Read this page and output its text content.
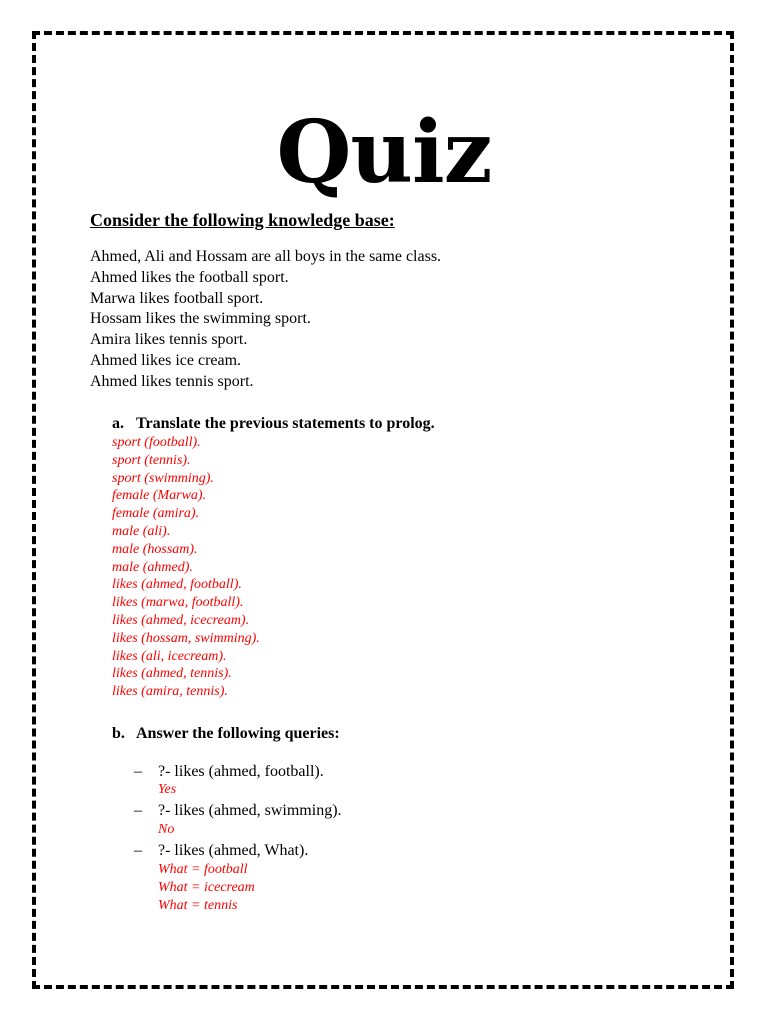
Quiz
Consider the following knowledge base:
Ahmed, Ali and Hossam are all boys in the same class.
Ahmed likes the football sport.
Marwa likes football sport.
Hossam likes the swimming sport.
Amira likes tennis sport.
Ahmed likes ice cream.
Ahmed likes tennis sport.
a. Translate the previous statements to prolog.
sport (football).
sport (tennis).
sport (swimming).
female (Marwa).
female (amira).
male (ali).
male (hossam).
male (ahmed).
likes (ahmed, football).
likes (marwa, football).
likes (ahmed, icecream).
likes (hossam, swimming).
likes (ali, icecream).
likes (ahmed, tennis).
likes (amira, tennis).
b. Answer the following queries:
– ?- likes (ahmed, football).
Yes
– ?- likes (ahmed, swimming).
No
– ?- likes (ahmed, What).
What = football
What = icecream
What = tennis
